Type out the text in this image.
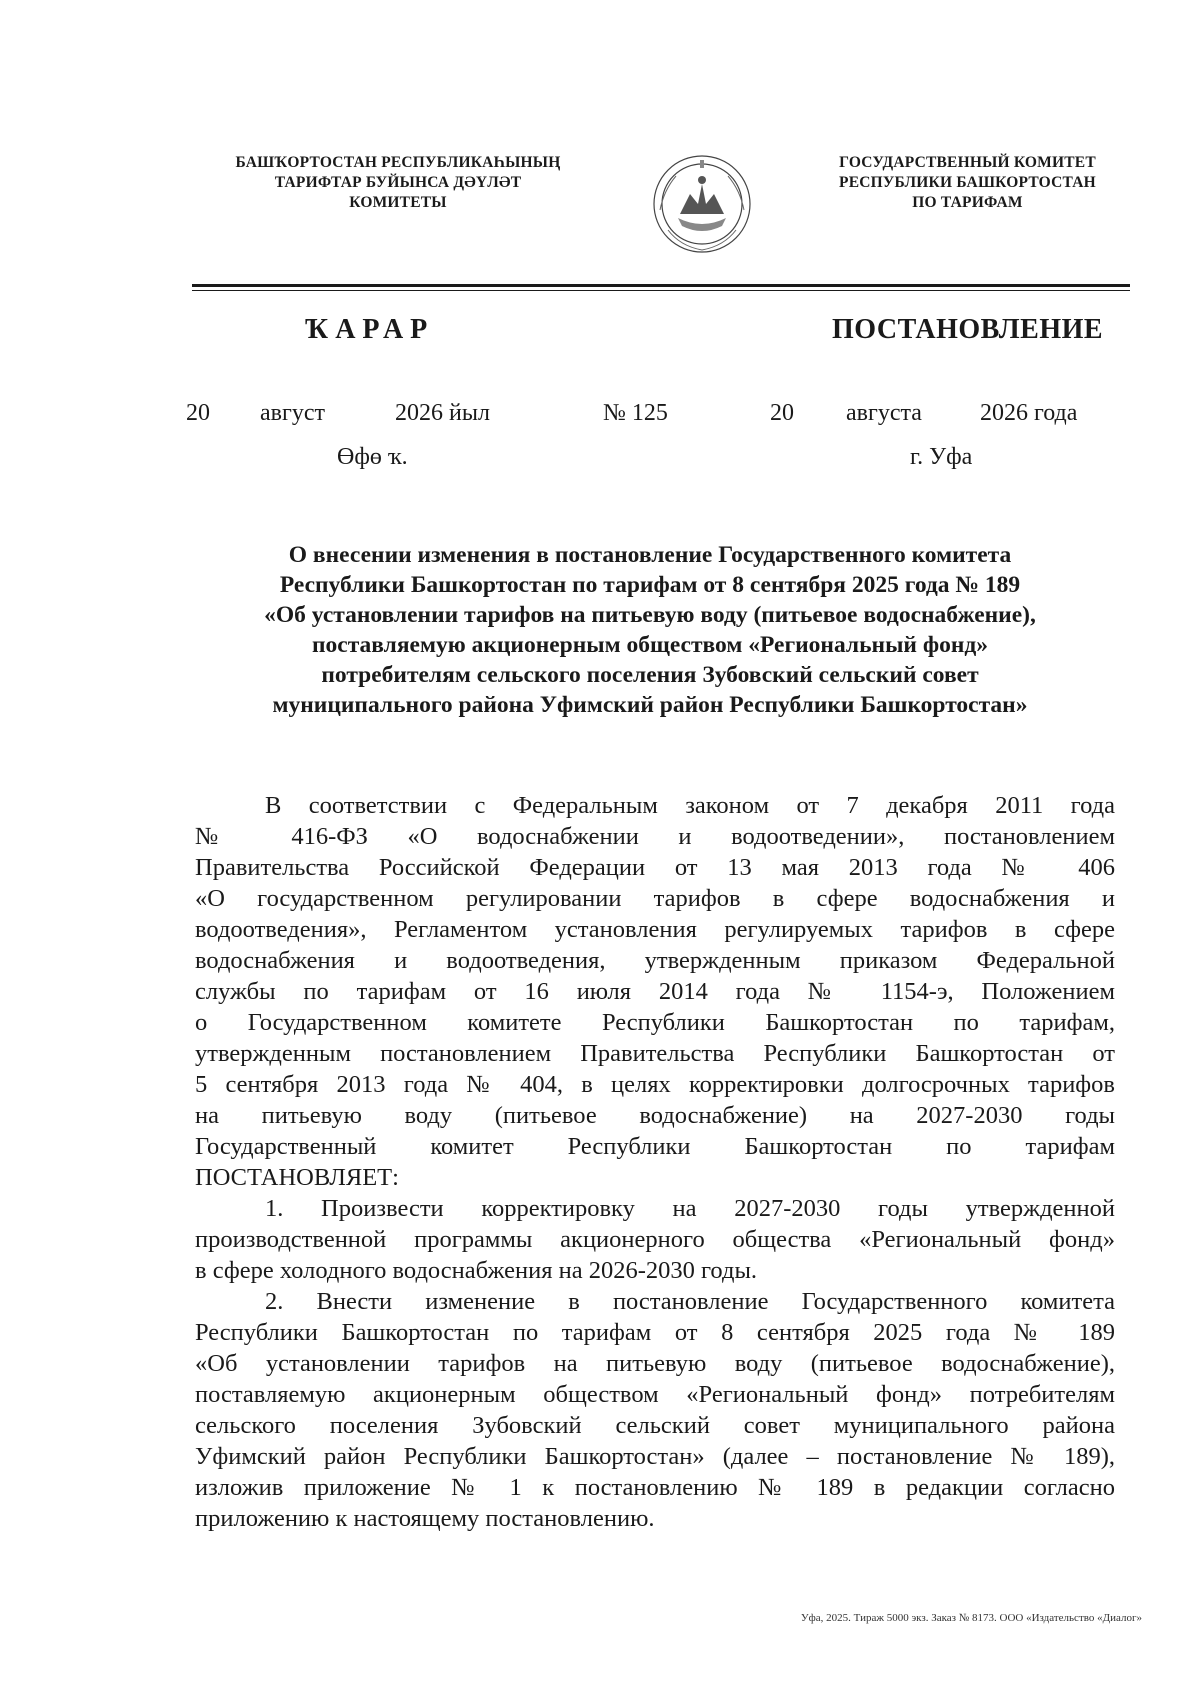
БАШҠОРТОСТАН РЕСПУБЛИКАҺЫНЫҢ
ТАРИФТАР БУЙЫНСА ДӘҮЛӘТ
КОМИТЕТЫ
ГОСУДАРСТВЕННЫЙ КОМИТЕТ
РЕСПУБЛИКИ БАШКОРТОСТАН
ПО ТАРИФАМ
ҠАРАР	ПОСТАНОВЛЕНИЕ
20 август	2026 йыл	№ 125	20 августа 2026 года
Өфө ҡ.	г. Уфа
О внесении изменения в постановление Государственного комитета
Республики Башкортостан по тарифам от 8 сентября 2025 года № 189
«Об установлении тарифов на питьевую воду (питьевое водоснабжение),
поставляемую акционерным обществом «Региональный фонд»
потребителям сельского поселения Зубовский сельский совет
муниципального района Уфимский район Республики Башкортостан»

В соответствии с Федеральным законом от 7 декабря 2011 года

№ 416-ФЗ «О водоснабжении и водоотведении», постановлением

Правительства Российской Федерации от 13 мая 2013 года № 406

«О государственном регулировании тарифов в сфере водоснабжения и

водоотведения», Регламентом установления регулируемых тарифов в сфере

водоснабжения и водоотведения, утвержденным приказом Федеральной

службы по тарифам от 16 июля 2014 года № 1154-э, Положением

о Государственном комитете Республики Башкортостан по тарифам,

утвержденным постановлением Правительства Республики Башкортостан от

5 сентября 2013 года № 404, в целях корректировки долгосрочных тарифов

на питьевую воду (питьевое водоснабжение) на 2027-2030 годы

Государственный комитет Республики Башкортостан по тарифам

ПОСТАНОВЛЯЕТ:

1. Произвести корректировку на 2027-2030 годы утвержденной

производственной программы акционерного общества «Региональный фонд»

в сфере холодного водоснабжения на 2026-2030 годы.

2. Внести изменение в постановление Государственного комитета

Республики Башкортостан по тарифам от 8 сентября 2025 года № 189

«Об установлении тарифов на питьевую воду (питьевое водоснабжение),

поставляемую акционерным обществом «Региональный фонд» потребителям

сельского поселения Зубовский сельский совет муниципального района

Уфимский район Республики Башкортостан» (далее – постановление № 189),

изложив приложение № 1 к постановлению № 189 в редакции согласно

приложению к настоящему постановлению.

Уфа, 2025. Тираж 5000 экз. Заказ № 8173. ООО «Издательство «Диалог»
